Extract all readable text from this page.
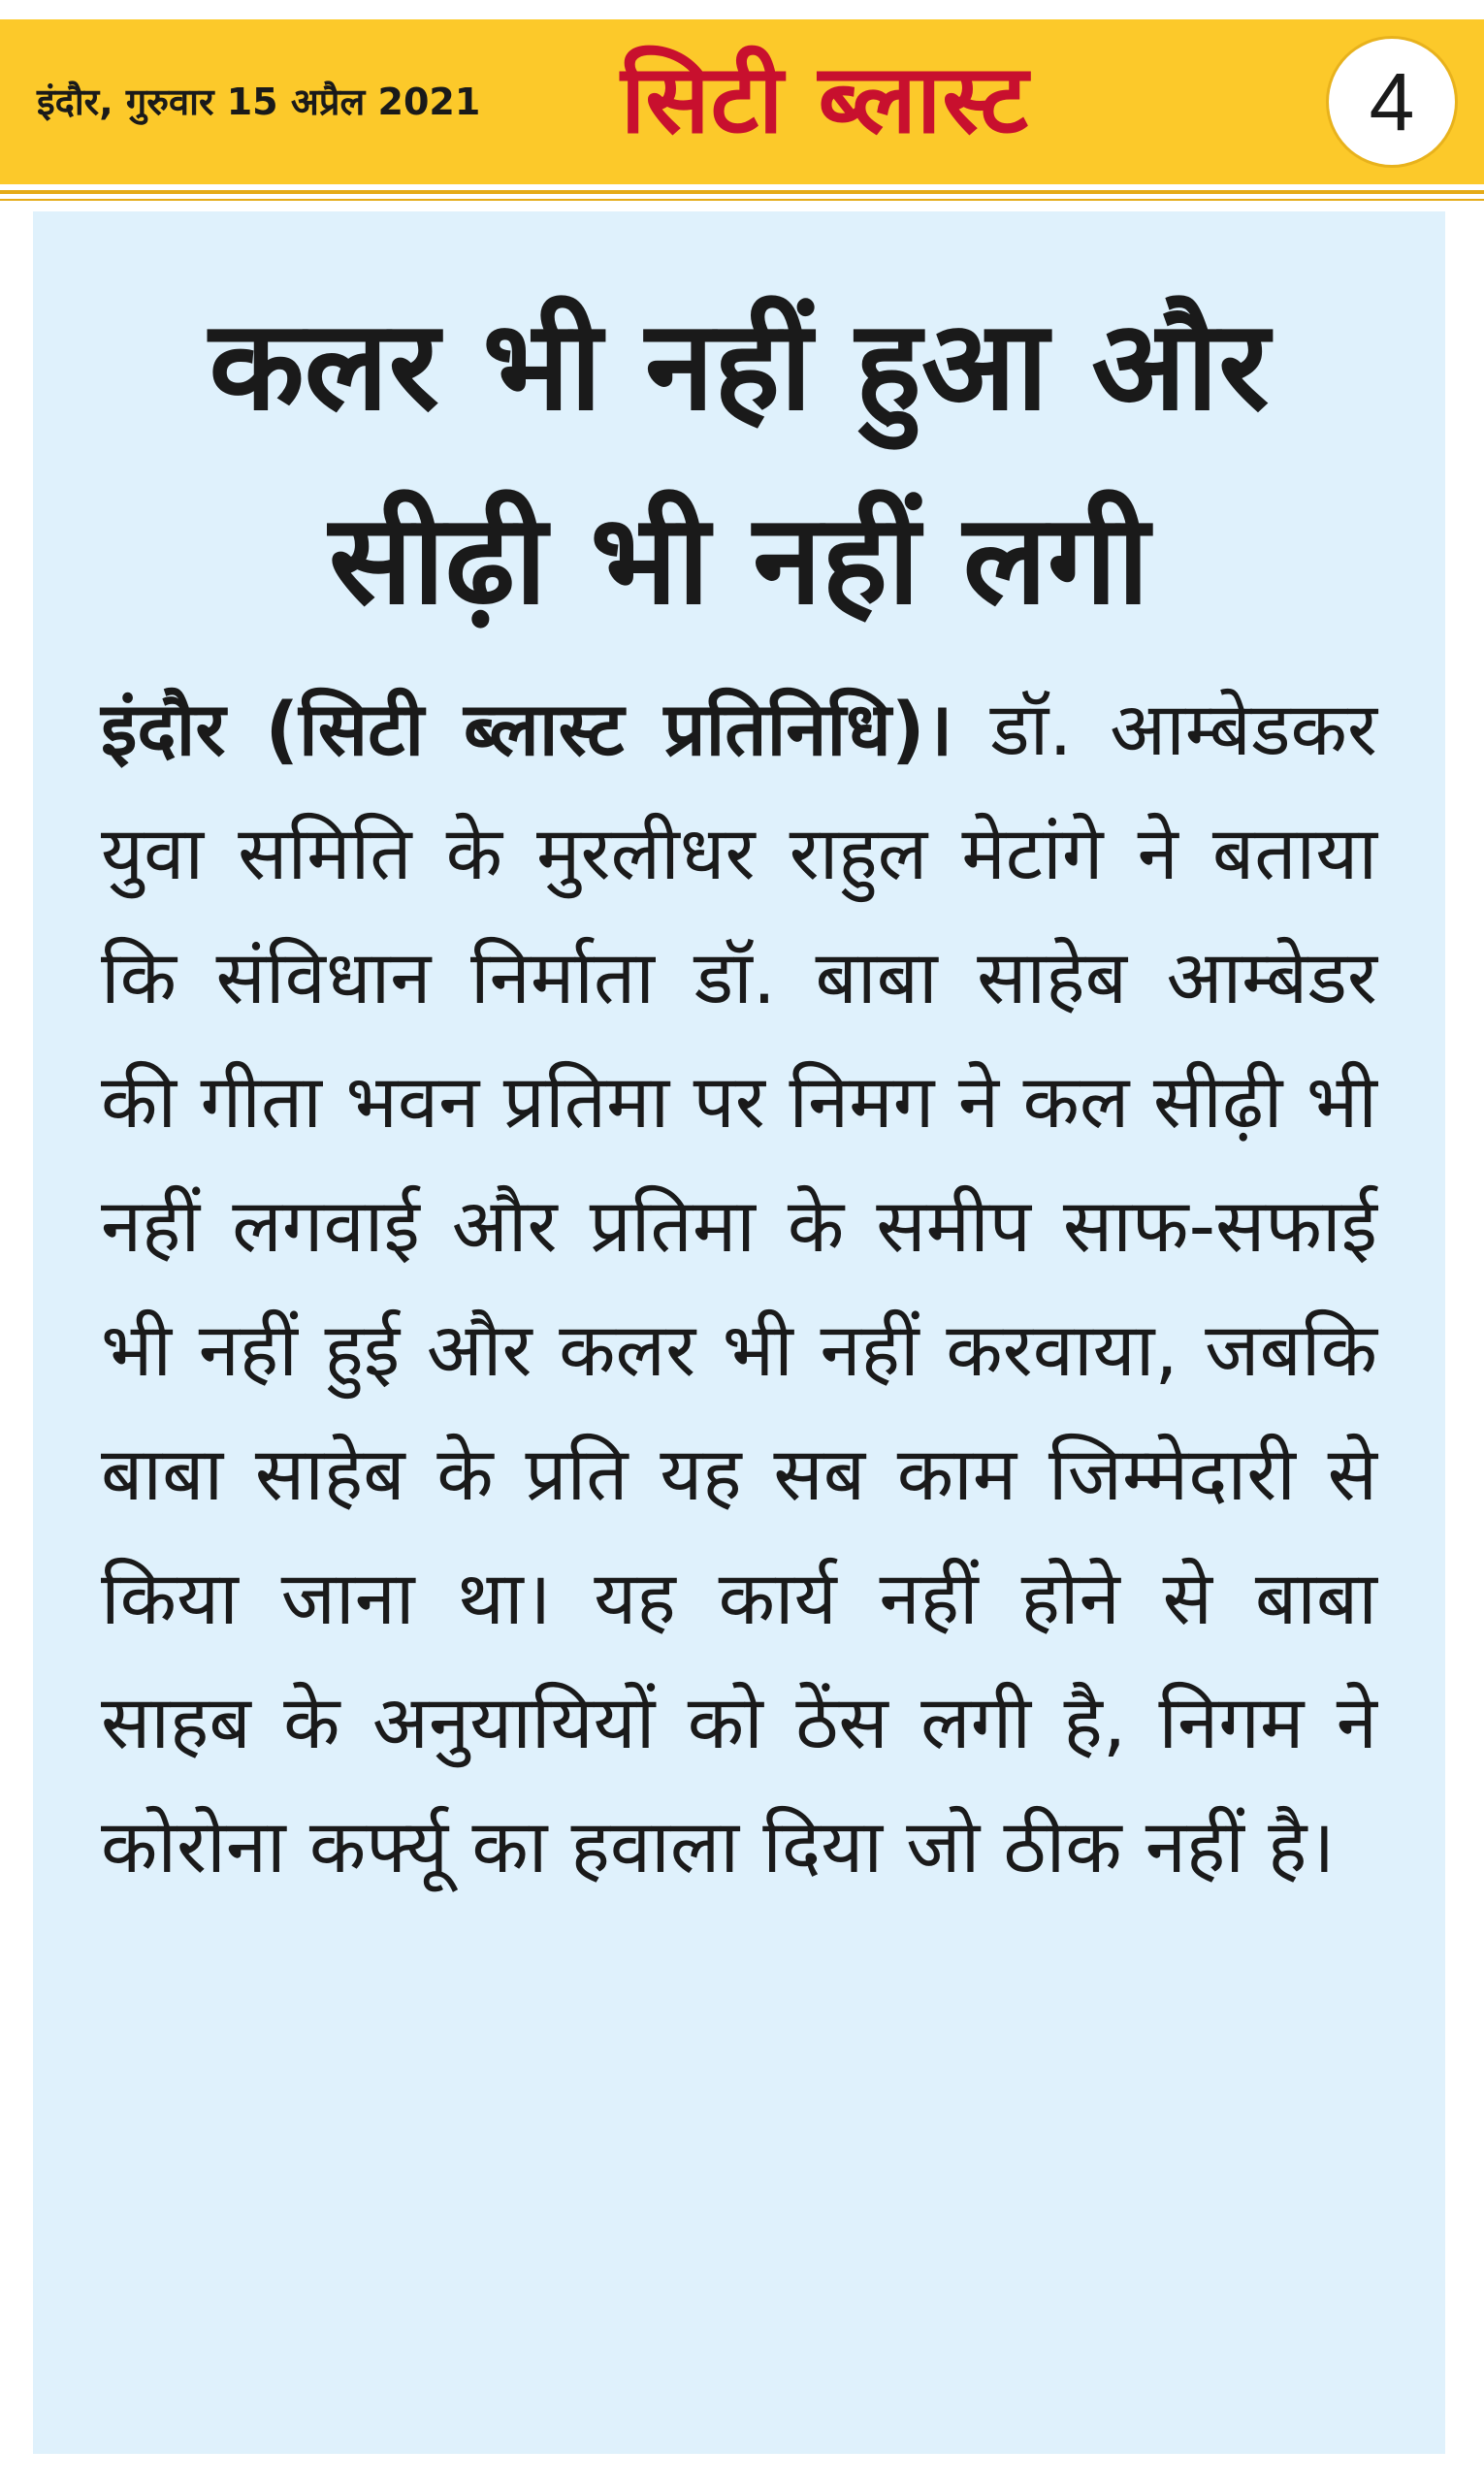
इंदौर, गुरुवार 15 अप्रैल 2021 सिटी ब्लास्ट	4
कलर भी नहीं हुआ और
सीढ़ी भी नहीं लगी

इंदौर (सिटी ब्लास्ट प्रतिनिधि)। डॉ. आम्बेडकर युवा समिति के मुरलीधर राहुल मेटांगे ने बताया कि संविधान निर्माता डॉ. बाबा साहेब आम्बेडर की गीता भवन प्रतिमा पर निमग ने कल सीढ़ी भी नहीं लगवाई और प्रतिमा के समीप साफ-सफाई भी नहीं हुई और कलर भी नहीं करवाया, जबकि बाबा साहेब के प्रति यह सब काम जिम्मेदारी से किया जाना था। यह कार्य नहीं होने से बाबा साहब के अनुयायियों को ठेंस लगी है, निगम ने कोरोना कर्फ्यू का हवाला दिया जो ठीक नहीं है।
